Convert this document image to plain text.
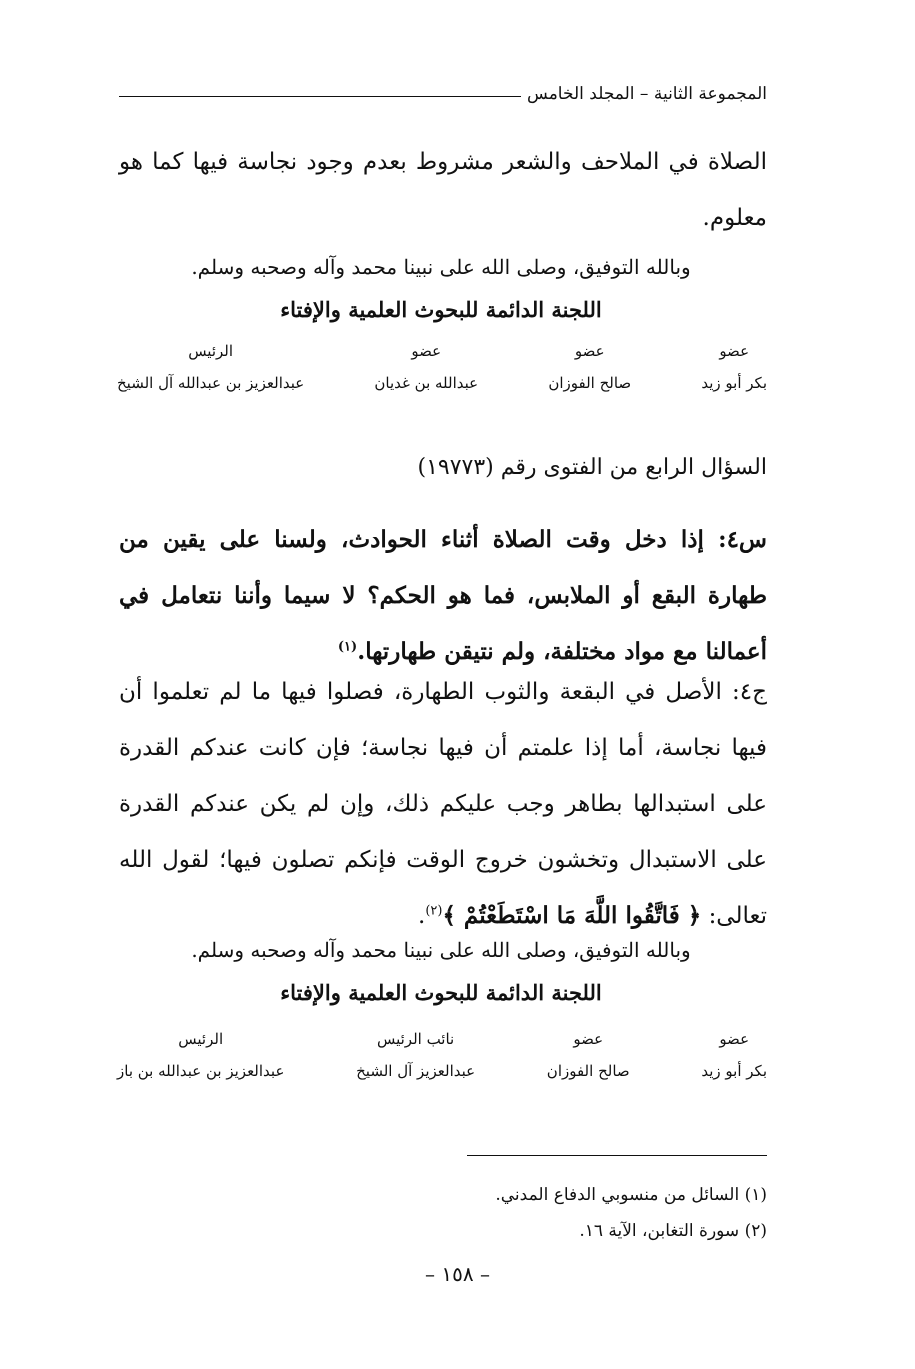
المجموعة الثانية – المجلد الخامس

الصلاة في الملاحف والشعر مشروط بعدم وجود نجاسة فيها كما هو معلوم.

وبالله التوفيق، وصلى الله على نبينا محمد وآله وصحبه وسلم.
اللجنة الدائمة للبحوث العلمية والإفتاء
عضو
بكر أبو زيد
عضو
صالح الفوزان
عضو
عبدالله بن غديان
الرئيس
عبدالعزيز بن عبدالله آل الشيخ
السؤال الرابع من الفتوى رقم (١٩٧٧٣)

س٤: إذا دخل وقت الصلاة أثناء الحوادث، ولسنا على يقين من طهارة البقع أو الملابس، فما هو الحكم؟ لا سيما وأننا نتعامل في أعمالنا مع مواد مختلفة، ولم نتيقن طهارتها.$^{(١)}$

ج٤: الأصل في البقعة والثوب الطهارة، فصلوا فيها ما لم تعلموا أن فيها نجاسة، أما إذا علمتم أن فيها نجاسة؛ فإن كانت عندكم القدرة على استبدالها بطاهر وجب عليكم ذلك، وإن لم يكن عندكم القدرة على الاستبدال وتخشون خروج الوقت فإنكم تصلون فيها؛ لقول الله تعالى: ﴿ فَاتَّقُوا اللَّهَ مَا اسْتَطَعْتُمْ ﴾$^{(٢)}$.

وبالله التوفيق، وصلى الله على نبينا محمد وآله وصحبه وسلم.
اللجنة الدائمة للبحوث العلمية والإفتاء
عضو
بكر أبو زيد
عضو
صالح الفوزان
نائب الرئيس
عبدالعزيز آل الشيخ
الرئيس
عبدالعزيز بن عبدالله بن باز
(١) السائل من منسوبي الدفاع المدني.
(٢) سورة التغابن، الآية ١٦.
– ١٥٨ –
